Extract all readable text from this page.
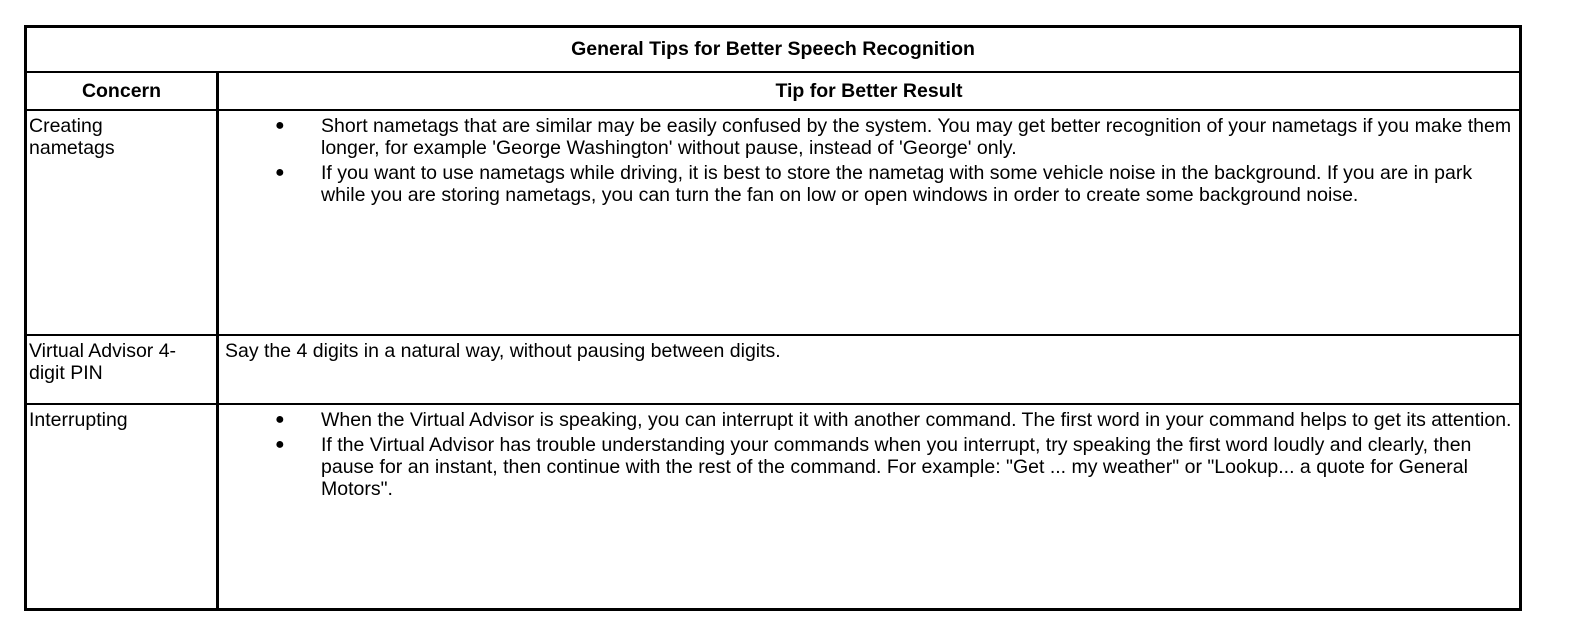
General Tips for Better Speech Recognition
Concern	Tip for Better Result
Creating nametags
● Short nametags that are similar may be easily confused by the system. You may get better recognition of your nametags if you make them longer, for example 'George Washington' without pause, instead of 'George' only.
● If you want to use nametags while driving, it is best to store the nametag with some vehicle noise in the background. If you are in park while you are storing nametags, you can turn the fan on low or open windows in order to create some background noise.
Virtual Advisor 4-digit PIN
Say the 4 digits in a natural way, without pausing between digits.
Interrupting	● When the Virtual Advisor is speaking, you can interrupt it with another command. The first word in your command helps to get its attention.
● If the Virtual Advisor has trouble understanding your commands when you interrupt, try speaking the first word loudly and clearly, then pause for an instant, then continue with the rest of the command. For example: "Get ... my weather" or "Lookup... a quote for General Motors".
